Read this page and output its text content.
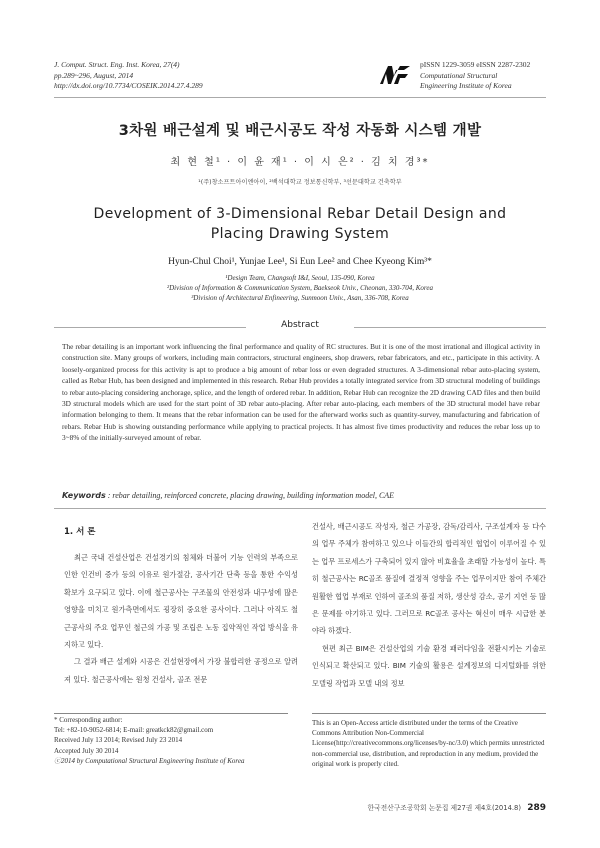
J. Comput. Struct. Eng. Inst. Korea, 27(4)
pp.289~296, August, 2014
http://dx.doi.org/10.7734/COSEIK.2014.27.4.289
pISSN 1229-3059 eISSN 2287-2302
Computational Structural
Engineering Institute of Korea
3차원 배근설계 및 배근시공도 작성 자동화 시스템 개발
최 현 철¹ · 이 윤 재¹ · 이 시 은² · 김 치 경³*
¹(주)창소프트아이엔아이, ²백석대학교 정보통신학부, ³선문대학교 건축학부
Development of 3-Dimensional Rebar Detail Design and
Placing Drawing System
Hyun-Chul Choi¹, Yunjae Lee¹, Si Eun Lee² and Chee Kyeong Kim³*
¹Design Team, Changsoft I&I, Seoul, 135-090, Korea
²Division of Information & Communication System, Baekseok Univ., Cheonan, 330-704, Korea
³Division of Architectural Enfineering, Sunmoon Univ., Asan, 336-708, Korea
Abstract
The rebar detailing is an important work influencing the final performance and quality of RC structures. But it is one of the most irrational and illogical activity in construction site. Many groups of workers, including main contractors, structural engineers, shop drawers, rebar fabricators, and etc., participate in this activity. A loosely-organized process for this activity is apt to produce a big amount of rebar loss or even degraded structures. A 3-dimensional rebar auto-placing system, called as Rebar Hub, has been designed and implemented in this research. Rebar Hub provides a totally integrated service from 3D structural modeling of buildings to rebar auto-placing considering anchorage, splice, and the length of ordered rebar. In addition, Rebar Hub can recognize the 2D drawing CAD files and then build 3D structural models which are used for the start point of 3D rebar auto-placing. After rebar auto-placing, each members of the 3D structural model have rebar information belonging to them. It means that the rebar information can be used for the afterward works such as quantity-survey, manufacturing and fabrication of rebars. Rebar Hub is showing outstanding performance while applying to practical projects. It has almost five times productivity and reduces the rebar loss up to 3~8% of the initially-surveyed amount of rebar.
Keywords : rebar detailing, reinforced concrete, placing drawing, building information model, CAE
1. 서 론

최근 국내 건설산업은 건설경기의 침체와 더불어 기능 인력의 부족으로 인한 인건비 증가 등의 이유로 원가절감, 공사기간 단축 등을 통한 수익성 확보가 요구되고 있다. 이에 철근공사는 구조물의 안전성과 내구성에 많은 영향을 미치고 원가측면에서도 굉장히 중요한 공사이다. 그러나 아직도 철근공사의 주요 업무인 철근의 가공 및 조립은 노동 집약적인 작업 방식을 유지하고 있다.

그 결과 배근 설계와 시공은 건설현장에서 가장 불합리한 공정으로 알려져 있다. 철근공사에는 원청 건설사, 골조 전문

건설사, 배근시공도 작성자, 철근 가공장, 감독/감리사, 구조설계자 등 다수의 업무 주체가 참여하고 있으나 이들간의 합리적인 협업이 이루어질 수 있는 업무 프로세스가 구축되어 있지 않아 비효율을 초래할 가능성이 높다. 특히 철근공사는 RC골조 품질에 결정적 영향을 주는 업무이지만 참여 주체간 원활한 협업 부재로 인하여 골조의 품질 저하, 생산성 감소, 공기 지연 등 많은 문제를 야기하고 있다. 그러므로 RC골조 공사는 혁신이 매우 시급한 분야라 하겠다.

현편 최근 BIM은 건설산업의 기술 환경 패러다임을 전환시키는 기술로 인식되고 확산되고 있다. BIM 기술의 활용은 설계정보의 디지털화를 위한 모델링 작업과 모델 내의 정보

* Corresponding author:
Tel: +82-10-9052-6814; E-mail: greatkck82@gmail.com
Received July 13 2014; Revised July 23 2014
Accepted July 30 2014
ⓒ2014 by Computational Structural Engineering Institute of Korea
This is an Open-Access article distributed under the terms of the Creative Commons Attribution Non-Commercial License(http://creativecommons.org/licenses/by-nc/3.0) which permits unrestricted non-commercial use, distribution, and reproduction in any medium, provided the original work is properly cited.
한국전산구조공학회 논문집 제27권 제4호(2014.8) 289
